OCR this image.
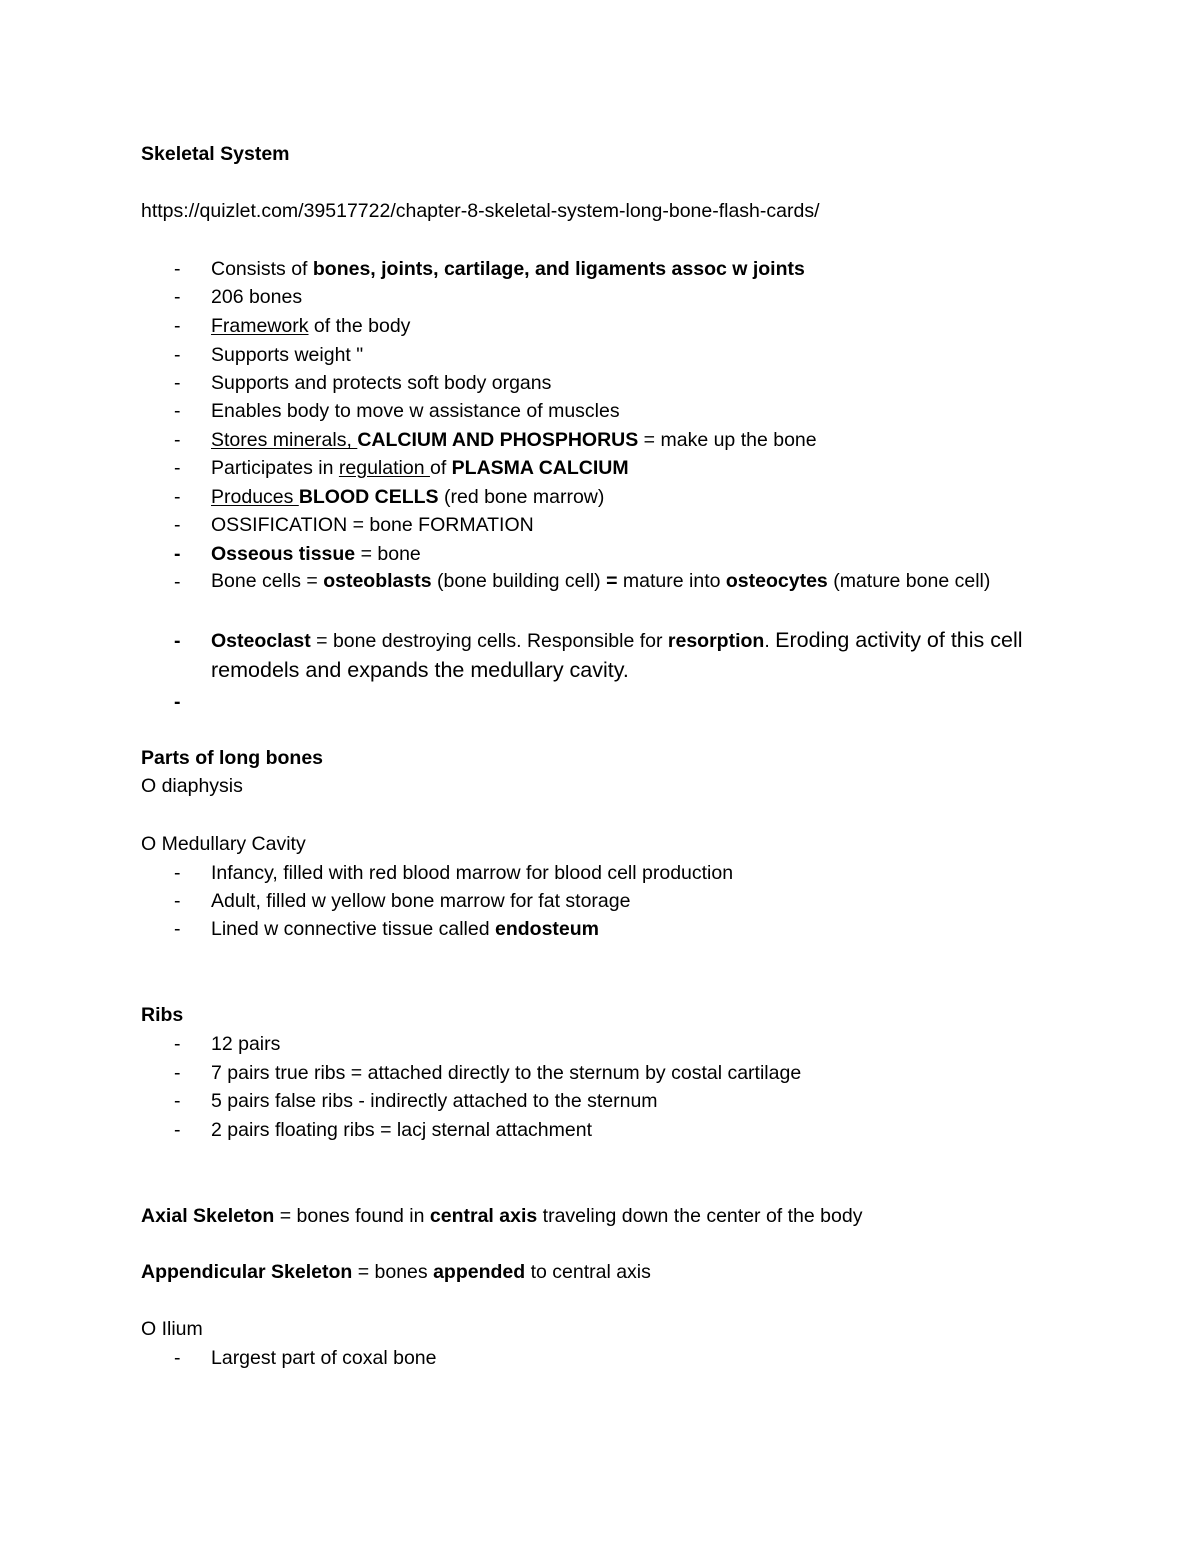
Skeletal System
https://quizlet.com/39517722/chapter-8-skeletal-system-long-bone-flash-cards/
- Consists of bones, joints, cartilage, and ligaments assoc w joints
- 206 bones
- Framework of the body
- Supports weight "
- Supports and protects soft body organs
- Enables body to move w assistance of muscles
- Stores minerals, CALCIUM AND PHOSPHORUS = make up the bone
- Participates in regulation of PLASMA CALCIUM
- Produces BLOOD CELLS (red bone marrow)
- OSSIFICATION = bone FORMATION
- Osseous tissue = bone
- Bone cells = osteoblasts (bone building cell) = mature into osteocytes (mature bone cell)
- Osteoclast = bone destroying cells. Responsible for resorption. Eroding activity of this cell remodels and expands the medullary cavity.
-
Parts of long bones
O diaphysis
O Medullary Cavity
- Infancy, filled with red blood marrow for blood cell production
- Adult, filled w yellow bone marrow for fat storage
- Lined w connective tissue called endosteum
Ribs
- 12 pairs
- 7 pairs true ribs = attached directly to the sternum by costal cartilage
- 5 pairs false ribs - indirectly attached to the sternum
- 2 pairs floating ribs = lacj sternal attachment
Axial Skeleton = bones found in central axis traveling down the center of the body
Appendicular Skeleton = bones appended to central axis
O Ilium
- Largest part of coxal bone
